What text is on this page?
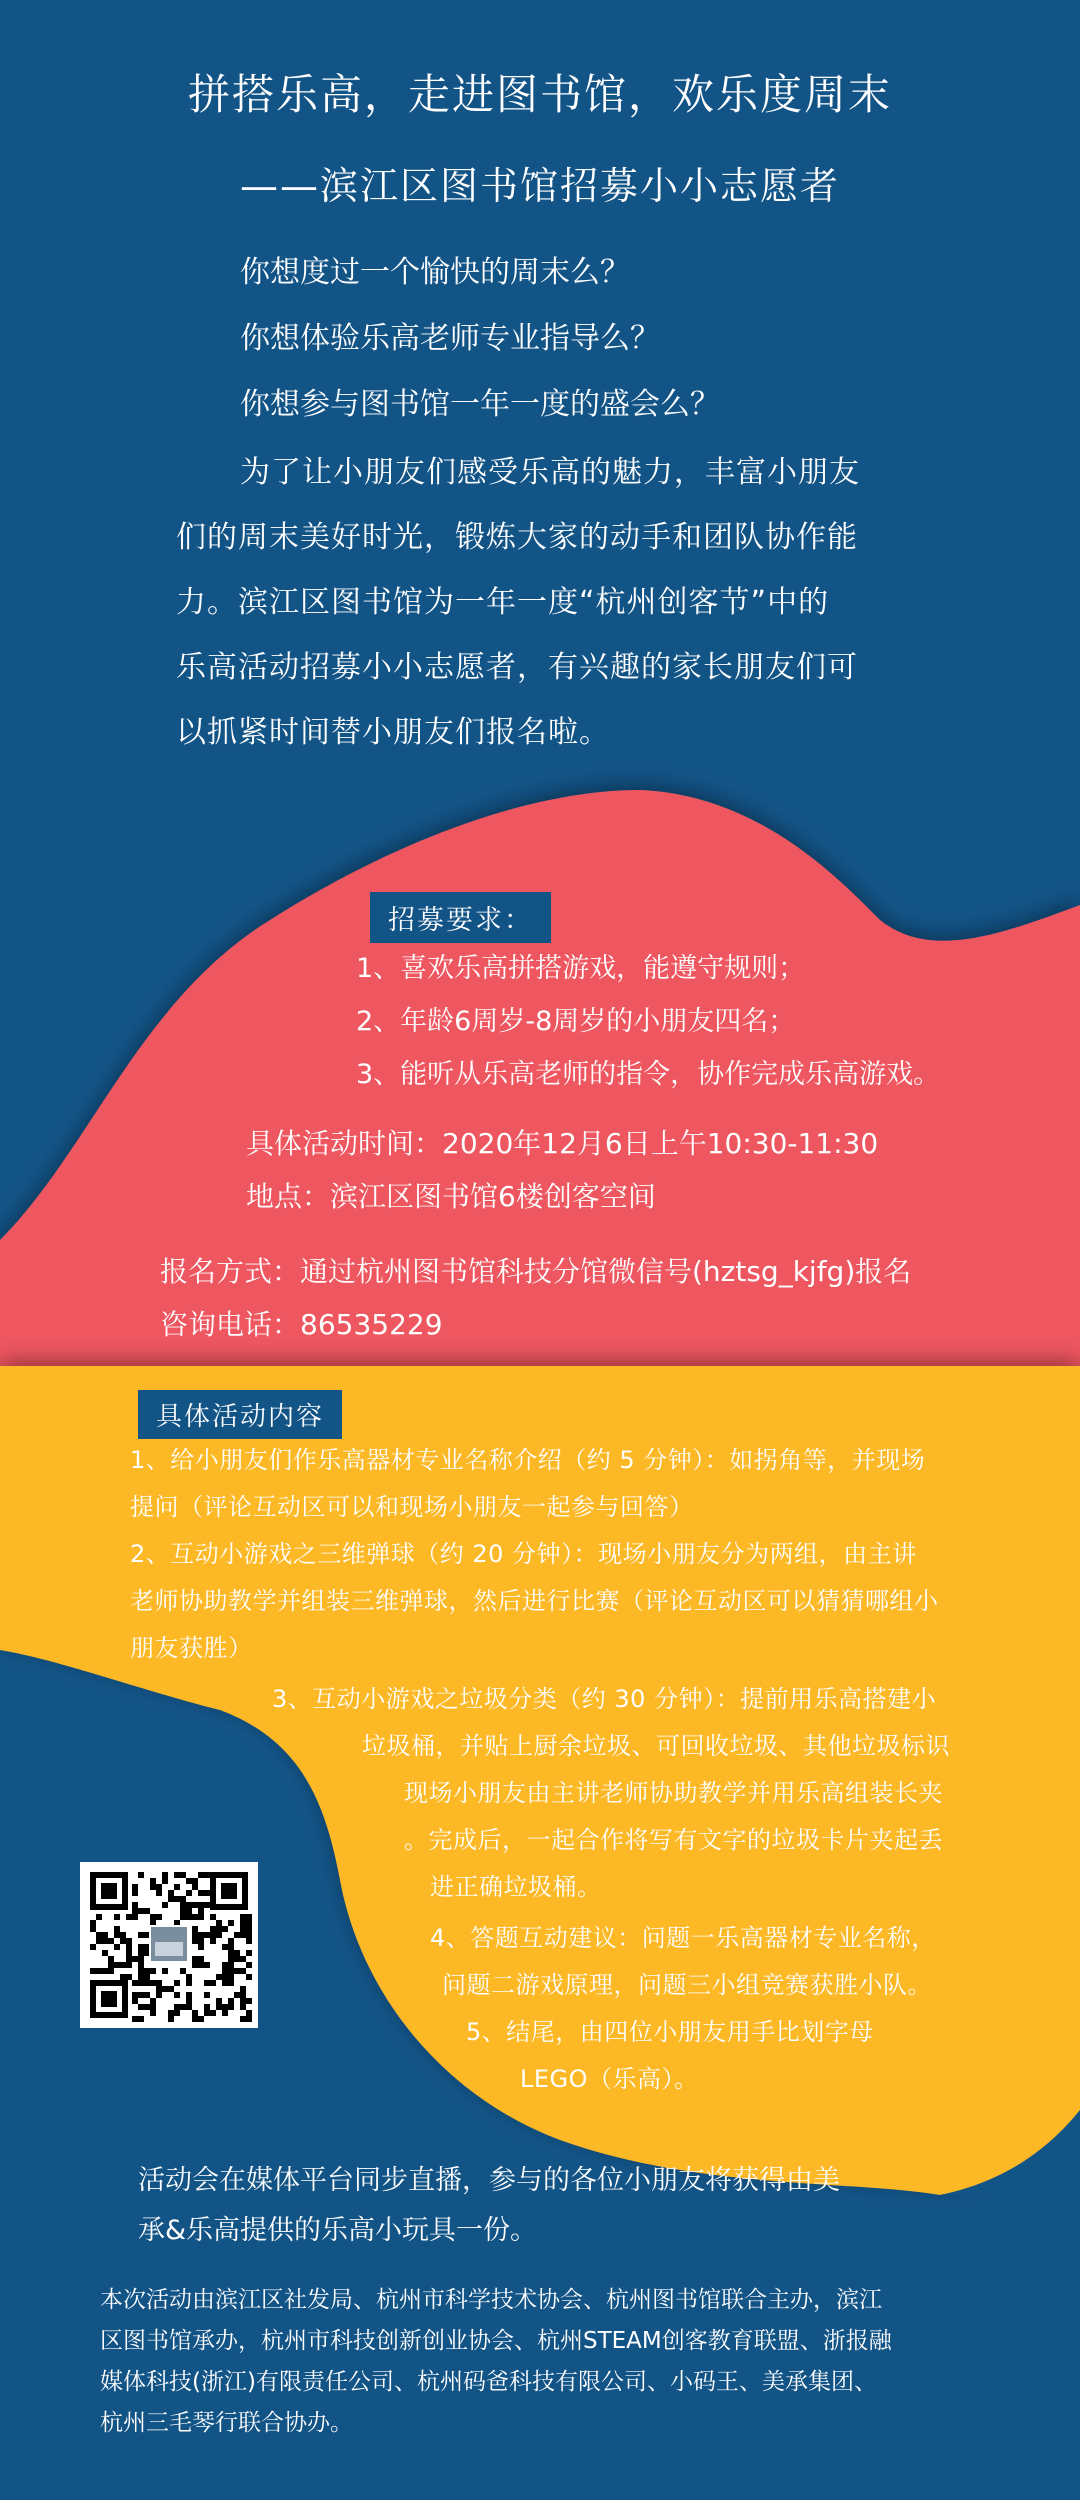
拼搭乐高，走进图书馆，欢乐度周末
——滨江区图书馆招募小小志愿者
你想度过一个愉快的周末么？
你想体验乐高老师专业指导么？
你想参与图书馆一年一度的盛会么？
为了让小朋友们感受乐高的魅力，丰富小朋友
们的周末美好时光，锻炼大家的动手和团队协作能
力。滨江区图书馆为一年一度“杭州创客节”中的
乐高活动招募小小志愿者，有兴趣的家长朋友们可
以抓紧时间替小朋友们报名啦。
招募要求：
1、喜欢乐高拼搭游戏，能遵守规则；
2、年龄6周岁-8周岁的小朋友四名；
3、能听从乐高老师的指令，协作完成乐高游戏。
具体活动时间：2020年12月6日上午10:30-11:30
地点：滨江区图书馆6楼创客空间
报名方式：通过杭州图书馆科技分馆微信号(hztsg_kjfg)报名
咨询电话：86535229
具体活动内容
1、给小朋友们作乐高器材专业名称介绍（约 5 分钟）：如拐角等，并现场
提问（评论互动区可以和现场小朋友一起参与回答）
2、互动小游戏之三维弹球（约 20 分钟）：现场小朋友分为两组，由主讲
老师协助教学并组装三维弹球，然后进行比赛（评论互动区可以猜猜哪组小
朋友获胜）
3、互动小游戏之垃圾分类（约 30 分钟）：提前用乐高搭建小
垃圾桶，并贴上厨余垃圾、可回收垃圾、其他垃圾标识
现场小朋友由主讲老师协助教学并用乐高组装长夹
。完成后，一起合作将写有文字的垃圾卡片夹起丢
进正确垃圾桶。
4、答题互动建议：问题一乐高器材专业名称，
问题二游戏原理，问题三小组竞赛获胜小队。
5、结尾，由四位小朋友用手比划字母
LEGO（乐高）。
活动会在媒体平台同步直播，参与的各位小朋友将获得由美
承&乐高提供的乐高小玩具一份。
本次活动由滨江区社发局、杭州市科学技术协会、杭州图书馆联合主办，滨江
区图书馆承办，杭州市科技创新创业协会、杭州STEAM创客教育联盟、浙报融
媒体科技(浙江)有限责任公司、杭州码爸科技有限公司、小码王、美承集团、
杭州三毛琴行联合协办。
